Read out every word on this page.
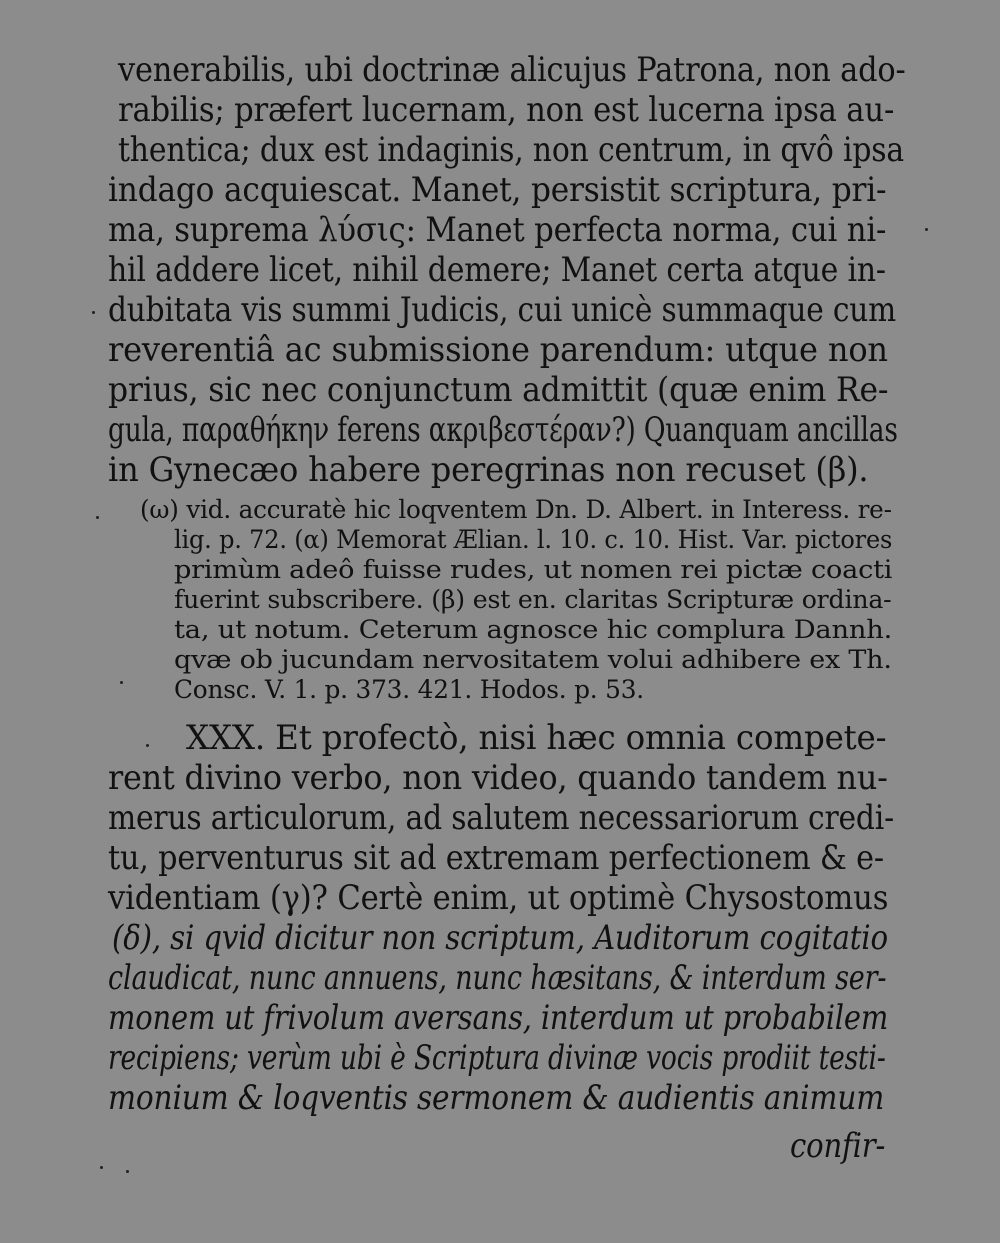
venerabilis, ubi doctrinæ alicujus Patrona, non ado-
rabilis; præfert lucernam, non est lucerna ipsa au-
thentica; dux est indaginis, non centrum, in qvô ipsa
indago acquiescat. Manet, persistit scriptura, pri-
ma, suprema λύσις: Manet perfecta norma, cui ni-
hil addere licet, nihil demere; Manet certa atque in-
dubitata vis summi Judicis, cui unicè summaque cum
reverentiâ ac submissione parendum: utque non
prius, sic nec conjunctum admittit (quæ enim Re-
gula, παραθήκην ferens ακριβεστέραν?) Quanquam ancillas
in Gynecæo habere peregrinas non recuset (β).
(ω) vid. accuratè hic loqventem Dn. D. Albert. in Interess. re-
lig. p. 72. (α) Memorat Ælian. l. 10. c. 10. Hist. Var. pictores
primùm adeô fuisse rudes, ut nomen rei pictæ coacti
fuerint subscribere. (β) est en. claritas Scripturæ ordina-
ta, ut notum. Ceterum agnosce hic complura Dannh.
qvæ ob jucundam nervositatem volui adhibere ex Th.
Consc. V. 1. p. 373. 421. Hodos. p. 53.
XXX. Et profectò, nisi hæc omnia compete-
rent divino verbo, non video, quando tandem nu-
merus articulorum, ad salutem necessariorum credi-
tu, perventurus sit ad extremam perfectionem & e-
videntiam (γ)? Certè enim, ut optimè Chysostomus
(δ), si qvid dicitur non scriptum, Auditorum cogitatio
claudicat, nunc annuens, nunc hæsitans, & interdum ser-
monem ut frivolum aversans, interdum ut probabilem
recipiens; verùm ubi è Scriptura divinæ vocis prodiit testi-
monium & loqventis sermonem & audientis animum
confir-
